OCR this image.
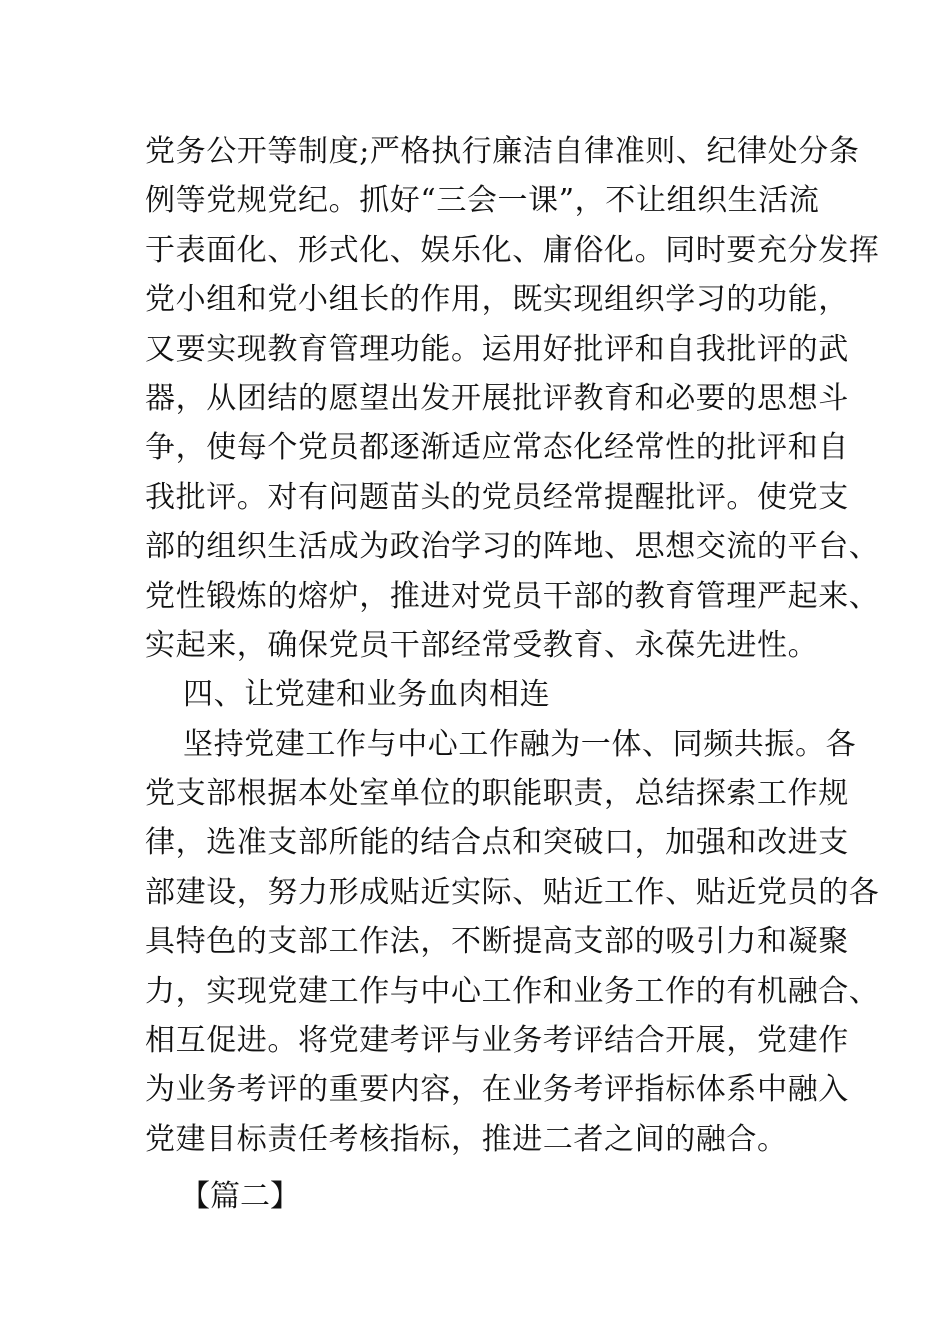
党务公开等制度;严格执行廉洁自律准则、纪律处分条
例等党规党纪。抓好“三会一课”，不让组织生活流
于表面化、形式化、娱乐化、庸俗化。同时要充分发挥
党小组和党小组长的作用，既实现组织学习的功能，
又要实现教育管理功能。运用好批评和自我批评的武
器，从团结的愿望出发开展批评教育和必要的思想斗
争，使每个党员都逐渐适应常态化经常性的批评和自
我批评。对有问题苗头的党员经常提醒批评。使党支
部的组织生活成为政治学习的阵地、思想交流的平台、
党性锻炼的熔炉，推进对党员干部的教育管理严起来、
实起来，确保党员干部经常受教育、永葆先进性。
四、让党建和业务血肉相连
坚持党建工作与中心工作融为一体、同频共振。各
党支部根据本处室单位的职能职责，总结探索工作规
律，选准支部所能的结合点和突破口，加强和改进支
部建设，努力形成贴近实际、贴近工作、贴近党员的各
具特色的支部工作法，不断提高支部的吸引力和凝聚
力，实现党建工作与中心工作和业务工作的有机融合、
相互促进。将党建考评与业务考评结合开展，党建作
为业务考评的重要内容，在业务考评指标体系中融入
党建目标责任考核指标，推进二者之间的融合。
【篇二】
